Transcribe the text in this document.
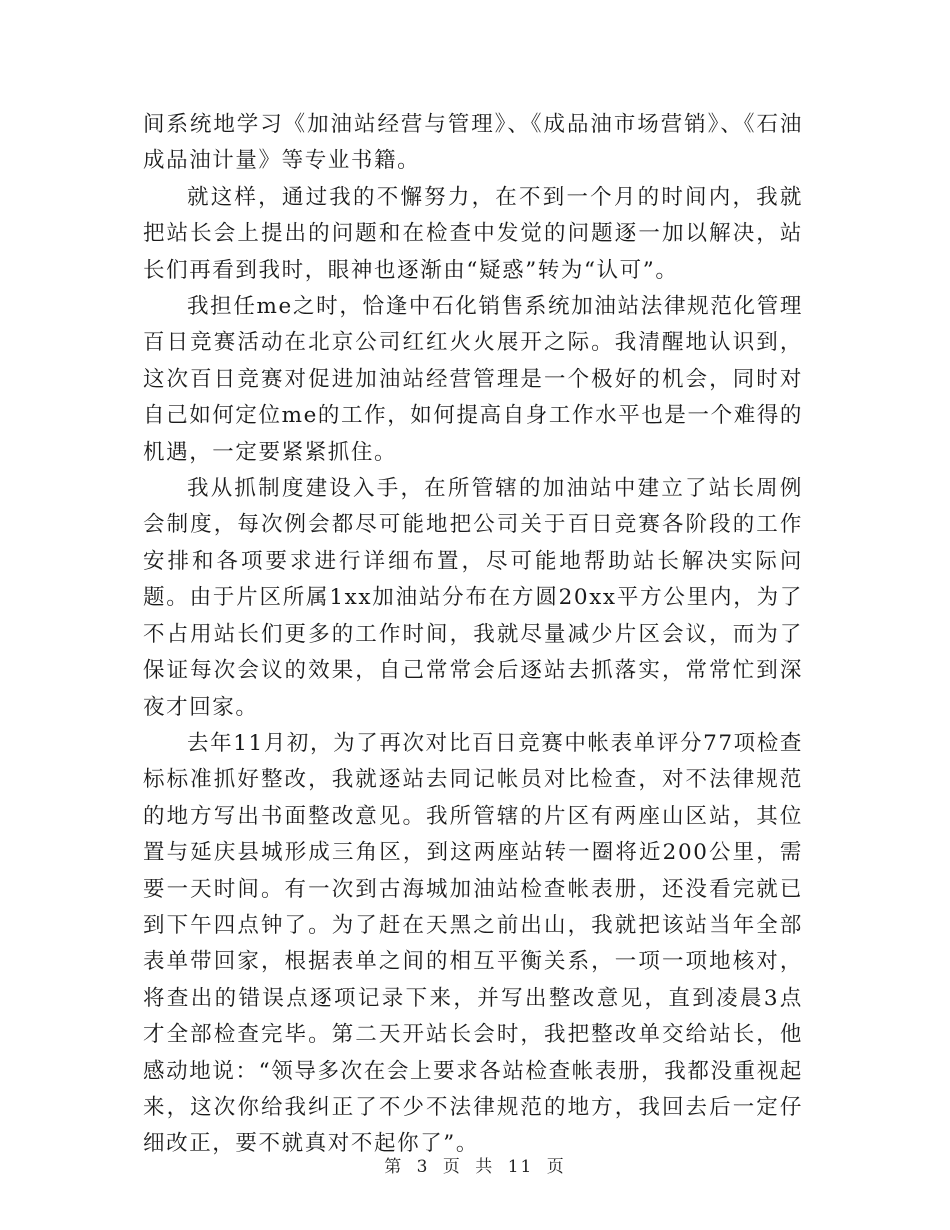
间系统地学习《加油站经营与管理》、《成品油市场营销》、《石油成品油计量》等专业书籍。

就这样，通过我的不懈努力，在不到一个月的时间内，我就把站长会上提出的问题和在检查中发觉的问题逐一加以解决，站长们再看到我时，眼神也逐渐由“疑惑”转为“认可”。

我担任me之时，恰逢中石化销售系统加油站法律规范化管理百日竞赛活动在北京公司红红火火展开之际。我清醒地认识到，这次百日竞赛对促进加油站经营管理是一个极好的机会，同时对自己如何定位me的工作，如何提高自身工作水平也是一个难得的机遇，一定要紧紧抓住。

我从抓制度建设入手，在所管辖的加油站中建立了站长周例会制度，每次例会都尽可能地把公司关于百日竞赛各阶段的工作安排和各项要求进行详细布置，尽可能地帮助站长解决实际问题。由于片区所属1xx加油站分布在方圆20xx平方公里内，为了不占用站长们更多的工作时间，我就尽量减少片区会议，而为了保证每次会议的效果，自己常常会后逐站去抓落实，常常忙到深夜才回家。

去年11月初，为了再次对比百日竞赛中帐表单评分77项检查标标准抓好整改，我就逐站去同记帐员对比检查，对不法律规范的地方写出书面整改意见。我所管辖的片区有两座山区站，其位置与延庆县城形成三角区，到这两座站转一圈将近200公里，需要一天时间。有一次到古海城加油站检查帐表册，还没看完就已到下午四点钟了。为了赶在天黑之前出山，我就把该站当年全部表单带回家，根据表单之间的相互平衡关系，一项一项地核对，将查出的错误点逐项记录下来，并写出整改意见，直到凌晨3点才全部检查完毕。第二天开站长会时，我把整改单交给站长，他感动地说：“领导多次在会上要求各站检查帐表册，我都没重视起来，这次你给我纠正了不少不法律规范的地方，我回去后一定仔细改正，要不就真对不起你了”。

第 3 页 共 11 页
